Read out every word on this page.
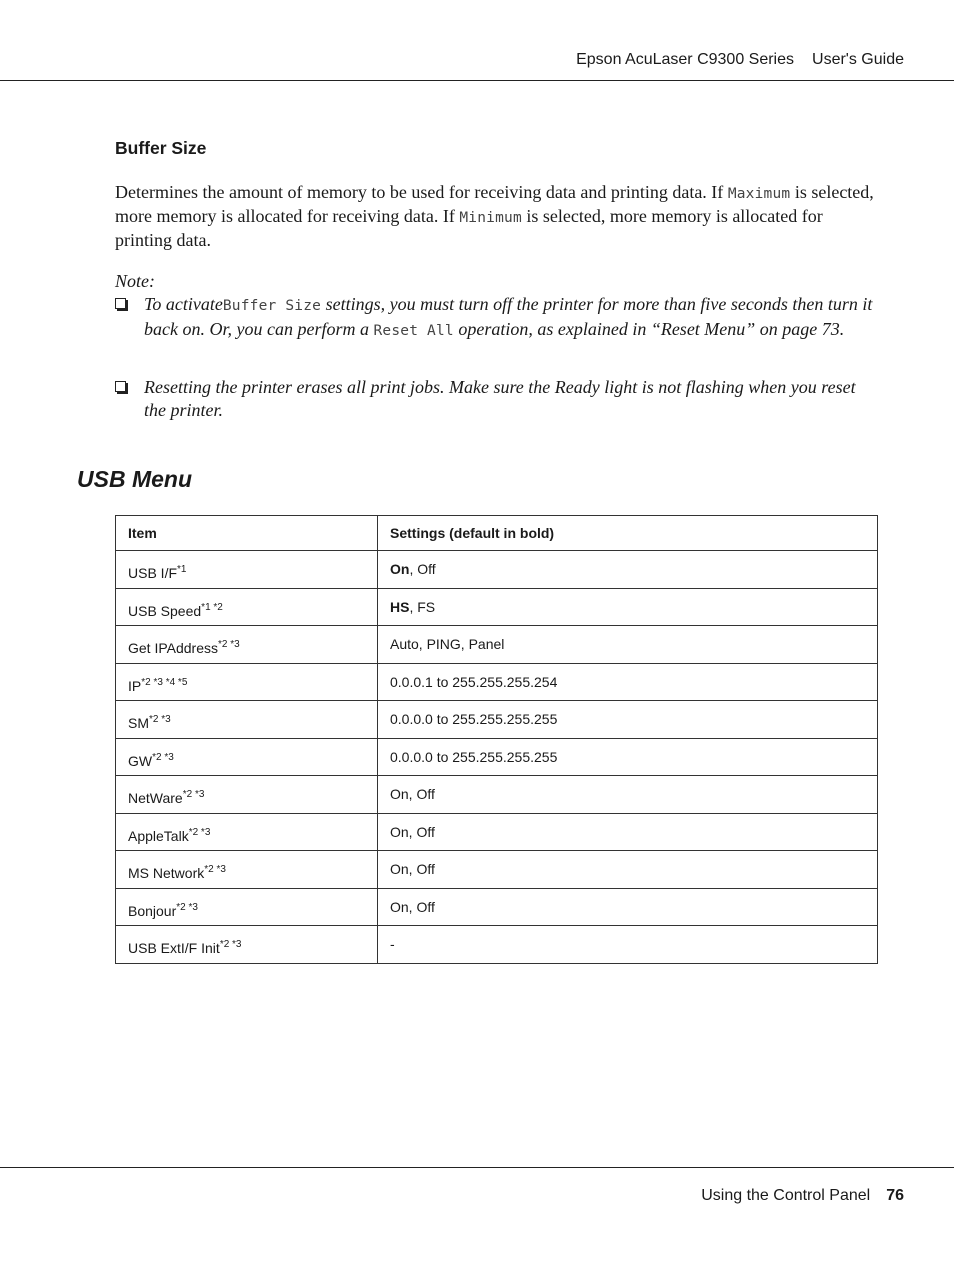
Epson AcuLaser C9300 Series User's Guide
Buffer Size

Determines the amount of memory to be used for receiving data and printing data. If Maximum is selected, more memory is allocated for receiving data. If Minimum is selected, more memory is allocated for printing data.

Note:

To activateBuffer Size settings, you must turn off the printer for more than five seconds then turn it back on. Or, you can perform a Reset All operation, as explained in “Reset Menu” on page 73.
Resetting the printer erases all print jobs. Make sure the Ready light is not flashing when you reset the printer.
USB Menu
Item	Settings (default in bold)
USB $I/F^{*1}$	On, Off
USB Speed$^{*1 *2}$	HS, FS
Get IPAddress$^{*2 *3}$	Auto, PING, Panel
$IP^{*2 *3 *4 *5}$	0.0.0.1 to 255.255.255.254
$SM^{*2 *3}$	0.0.0.0 to 255.255.255.255
$GW^{*2 *3}$	0.0.0.0 to 255.255.255.255
NetWare$^{*2 *3}$	On, Off
AppleTalk$^{*2 *3}$	On, Off
MS Network$^{*2 *3}$	On, Off
Bonjour$^{*2 *3}$	On, Off
USB ExtI/F Init$^{*2 *3}$	-
Using the Control Panel 76
